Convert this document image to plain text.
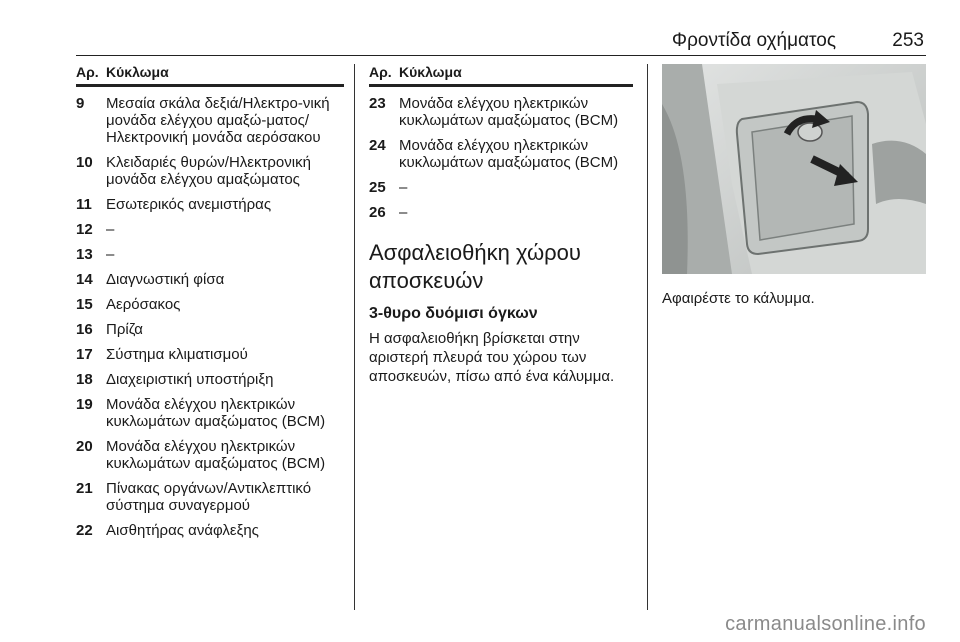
Φροντίδα οχήματος	253
Αρ. Κύκλωμα
9	Μεσαία σκάλα δεξιά/Ηλεκτρο-νική μονάδα ελέγχου αμαξώ-ματος/Ηλεκτρονική μονάδα αερόσακου
10 Κλειδαριές θυρών/Ηλεκτρονική μονάδα ελέγχου αμαξώματος
11 Εσωτερικός ανεμιστήρας
12 –
13 –
14 Διαγνωστική φίσα
15 Αερόσακος
16 Πρίζα
17 Σύστημα κλιματισμού
18 Διαχειριστική υποστήριξη
19 Μονάδα ελέγχου ηλεκτρικών κυκλωμάτων αμαξώματος (BCM)
20 Μονάδα ελέγχου ηλεκτρικών κυκλωμάτων αμαξώματος (BCM)
21 Πίνακας οργάνων/Αντικλεπτικό σύστημα συναγερμού
22 Αισθητήρας ανάφλεξης
Αρ. Κύκλωμα
23 Μονάδα ελέγχου ηλεκτρικών κυκλωμάτων αμαξώματος (BCM)
24 Μονάδα ελέγχου ηλεκτρικών κυκλωμάτων αμαξώματος (BCM)
25 –
26 –
Ασφαλειοθήκη χώρου αποσκευών
3-θυρο δυόμισι όγκων
Η ασφαλειοθήκη βρίσκεται στην αριστερή πλευρά του χώρου των αποσκευών, πίσω από ένα κάλυμμα.
Αφαιρέστε το κάλυμμα.
carmanualsonline.info
